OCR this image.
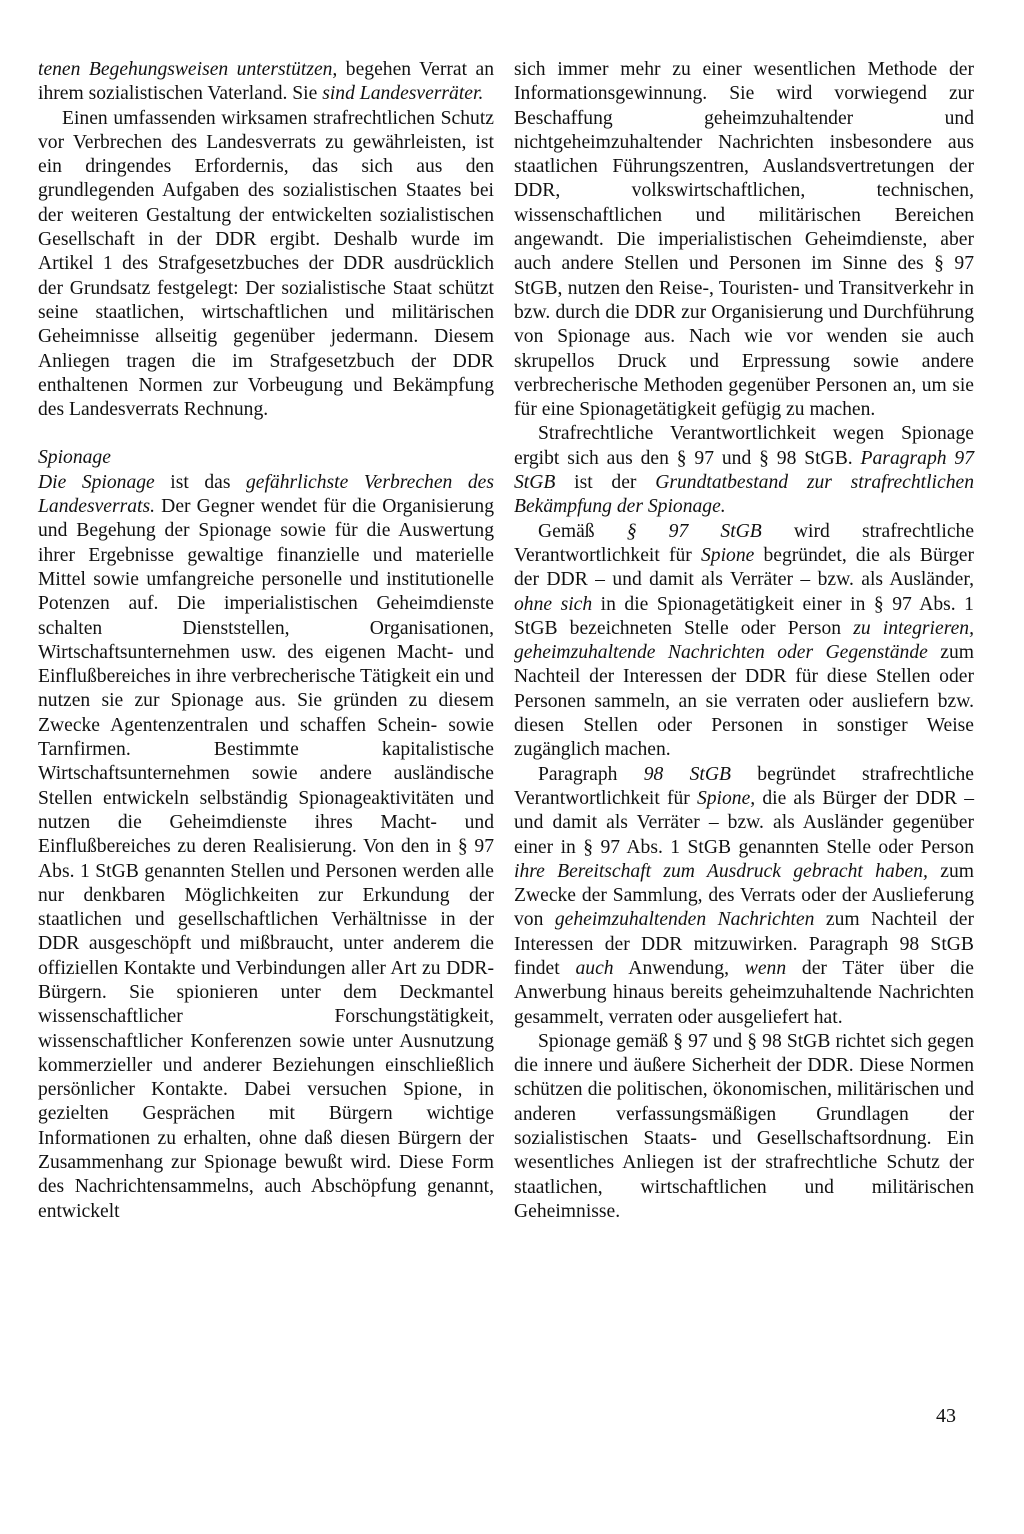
tenen Begehungsweisen unterstützen, begehen Verrat an ihrem sozialistischen Vaterland. Sie sind Landesverräter.

Einen umfassenden wirksamen strafrechtlichen Schutz vor Verbrechen des Landesverrats zu gewährleisten, ist ein dringendes Erfordernis, das sich aus den grundlegenden Aufgaben des sozialistischen Staates bei der weiteren Gestaltung der entwickelten sozialistischen Gesellschaft in der DDR ergibt. Deshalb wurde im Artikel 1 des Strafgesetzbuches der DDR ausdrücklich der Grundsatz festgelegt: Der sozialistische Staat schützt seine staatlichen, wirtschaftlichen und militärischen Geheimnisse allseitig gegenüber jedermann. Diesem Anliegen tragen die im Strafgesetzbuch der DDR enthaltenen Normen zur Vorbeugung und Bekämpfung des Landesverrats Rechnung.

Spionage

Die Spionage ist das gefährlichste Verbrechen des Landesverrats. Der Gegner wendet für die Organisierung und Begehung der Spionage sowie für die Auswertung ihrer Ergebnisse gewaltige finanzielle und materielle Mittel sowie umfangreiche personelle und institutionelle Potenzen auf. Die imperialistischen Geheimdienste schalten Dienststellen, Organisationen, Wirtschaftsunternehmen usw. des eigenen Macht- und Einflußbereiches in ihre verbrecherische Tätigkeit ein und nutzen sie zur Spionage aus. Sie gründen zu diesem Zwecke Agentenzentralen und schaffen Schein- sowie Tarnfirmen. Bestimmte kapitalistische Wirtschaftsunternehmen sowie andere ausländische Stellen entwickeln selbständig Spionageaktivitäten und nutzen die Geheimdienste ihres Macht- und Einflußbereiches zu deren Realisierung. Von den in § 97 Abs. 1 StGB genannten Stellen und Personen werden alle nur denkbaren Möglichkeiten zur Erkundung der staatlichen und gesellschaftlichen Verhältnisse in der DDR ausgeschöpft und mißbraucht, unter anderem die offiziellen Kontakte und Verbindungen aller Art zu DDR-Bürgern. Sie spionieren unter dem Deckmantel wissenschaftlicher Forschungstätigkeit, wissenschaftlicher Konferenzen sowie unter Ausnutzung kommerzieller und anderer Beziehungen einschließlich persönlicher Kontakte. Dabei versuchen Spione, in gezielten Gesprächen mit Bürgern wichtige Informationen zu erhalten, ohne daß diesen Bürgern der Zusammenhang zur Spionage bewußt wird. Diese Form des Nachrichtensammelns, auch Abschöpfung genannt, entwickelt

sich immer mehr zu einer wesentlichen Methode der Informationsgewinnung. Sie wird vorwiegend zur Beschaffung geheimzuhaltender und nichtgeheimzuhaltender Nachrichten insbesondere aus staatlichen Führungszentren, Auslandsvertretungen der DDR, volkswirtschaftlichen, technischen, wissenschaftlichen und militärischen Bereichen angewandt. Die imperialistischen Geheimdienste, aber auch andere Stellen und Personen im Sinne des § 97 StGB, nutzen den Reise-, Touristen- und Transitverkehr in bzw. durch die DDR zur Organisierung und Durchführung von Spionage aus. Nach wie vor wenden sie auch skrupellos Druck und Erpressung sowie andere verbrecherische Methoden gegenüber Personen an, um sie für eine Spionagetätigkeit gefügig zu machen.

Strafrechtliche Verantwortlichkeit wegen Spionage ergibt sich aus den § 97 und § 98 StGB. Paragraph 97 StGB ist der Grundtatbestand zur strafrechtlichen Bekämpfung der Spionage.

Gemäß § 97 StGB wird strafrechtliche Verantwortlichkeit für Spione begründet, die als Bürger der DDR – und damit als Verräter – bzw. als Ausländer, ohne sich in die Spionagetätigkeit einer in § 97 Abs. 1 StGB bezeichneten Stelle oder Person zu integrieren, geheimzuhaltende Nachrichten oder Gegenstände zum Nachteil der Interessen der DDR für diese Stellen oder Personen sammeln, an sie verraten oder ausliefern bzw. diesen Stellen oder Personen in sonstiger Weise zugänglich machen.

Paragraph 98 StGB begründet strafrechtliche Verantwortlichkeit für Spione, die als Bürger der DDR – und damit als Verräter – bzw. als Ausländer gegenüber einer in § 97 Abs. 1 StGB genannten Stelle oder Person ihre Bereitschaft zum Ausdruck gebracht haben, zum Zwecke der Sammlung, des Verrats oder der Auslieferung von geheimzuhaltenden Nachrichten zum Nachteil der Interessen der DDR mitzuwirken. Paragraph 98 StGB findet auch Anwendung, wenn der Täter über die Anwerbung hinaus bereits geheimzuhaltende Nachrichten gesammelt, verraten oder ausgeliefert hat.

Spionage gemäß § 97 und § 98 StGB richtet sich gegen die innere und äußere Sicherheit der DDR. Diese Normen schützen die politischen, ökonomischen, militärischen und anderen verfassungsmäßigen Grundlagen der sozialistischen Staats- und Gesellschaftsordnung. Ein wesentliches Anliegen ist der strafrechtliche Schutz der staatlichen, wirtschaftlichen und militärischen Geheimnisse.

43
